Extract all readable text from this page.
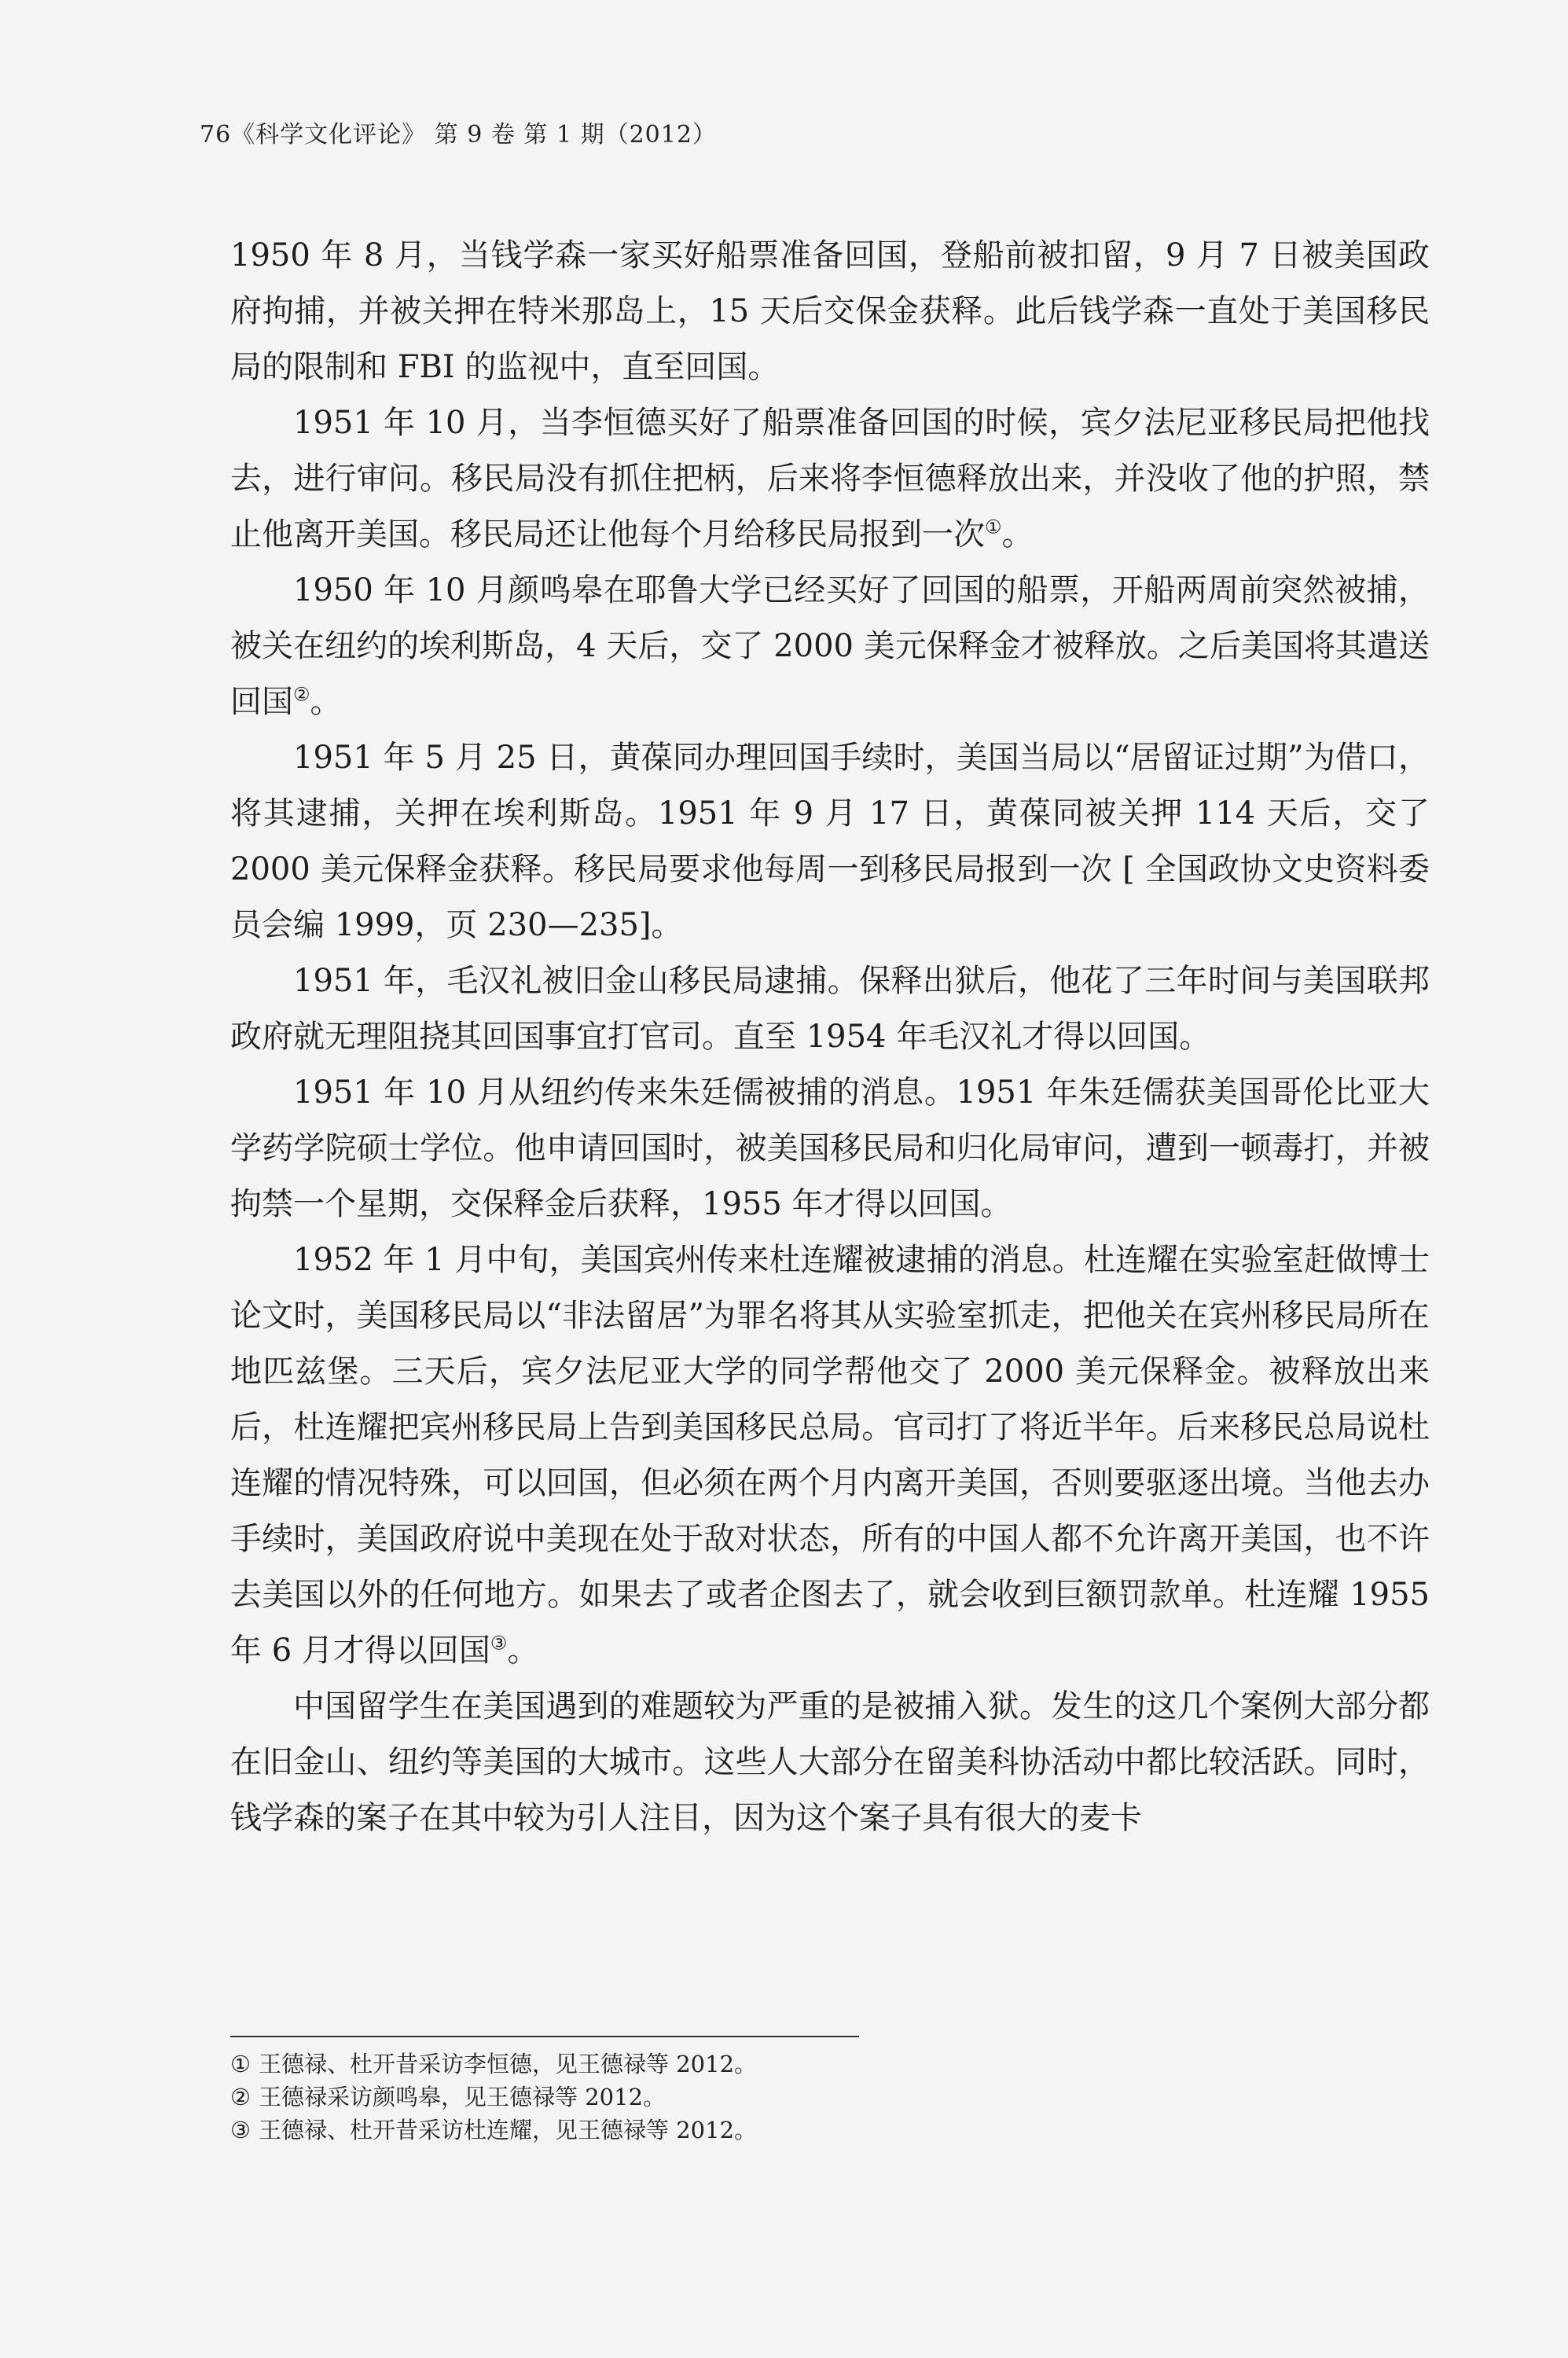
76《科学文化评论》 第 9 卷 第 1 期（2012）

1950 年 8 月，当钱学森一家买好船票准备回国，登船前被扣留，9 月 7 日被美国政府拘捕，并被关押在特米那岛上，15 天后交保金获释。此后钱学森一直处于美国移民局的限制和 FBI 的监视中，直至回国。

1951 年 10 月，当李恒德买好了船票准备回国的时候，宾夕法尼亚移民局把他找去，进行审问。移民局没有抓住把柄，后来将李恒德释放出来，并没收了他的护照，禁止他离开美国。移民局还让他每个月给移民局报到一次①。

1950 年 10 月颜鸣皋在耶鲁大学已经买好了回国的船票，开船两周前突然被捕，被关在纽约的埃利斯岛，4 天后，交了 2000 美元保释金才被释放。之后美国将其遣送回国②。

1951 年 5 月 25 日，黄葆同办理回国手续时，美国当局以“居留证过期”为借口，将其逮捕，关押在埃利斯岛。1951 年 9 月 17 日，黄葆同被关押 114 天后，交了 2000 美元保释金获释。移民局要求他每周一到移民局报到一次 [ 全国政协文史资料委员会编 1999，页 230—235]。

1951 年，毛汉礼被旧金山移民局逮捕。保释出狱后，他花了三年时间与美国联邦政府就无理阻挠其回国事宜打官司。直至 1954 年毛汉礼才得以回国。

1951 年 10 月从纽约传来朱廷儒被捕的消息。1951 年朱廷儒获美国哥伦比亚大学药学院硕士学位。他申请回国时，被美国移民局和归化局审问，遭到一顿毒打，并被拘禁一个星期，交保释金后获释，1955 年才得以回国。

1952 年 1 月中旬，美国宾州传来杜连耀被逮捕的消息。杜连耀在实验室赶做博士论文时，美国移民局以“非法留居”为罪名将其从实验室抓走，把他关在宾州移民局所在地匹兹堡。三天后，宾夕法尼亚大学的同学帮他交了 2000 美元保释金。被释放出来后，杜连耀把宾州移民局上告到美国移民总局。官司打了将近半年。后来移民总局说杜连耀的情况特殊，可以回国，但必须在两个月内离开美国，否则要驱逐出境。当他去办手续时，美国政府说中美现在处于敌对状态，所有的中国人都不允许离开美国，也不许去美国以外的任何地方。如果去了或者企图去了，就会收到巨额罚款单。杜连耀 1955 年 6 月才得以回国③。

中国留学生在美国遇到的难题较为严重的是被捕入狱。发生的这几个案例大部分都在旧金山、纽约等美国的大城市。这些人大部分在留美科协活动中都比较活跃。同时，钱学森的案子在其中较为引人注目，因为这个案子具有很大的麦卡

① 王德禄、杜开昔采访李恒德，见王德禄等 2012。

② 王德禄采访颜鸣皋，见王德禄等 2012。

③ 王德禄、杜开昔采访杜连耀，见王德禄等 2012。
